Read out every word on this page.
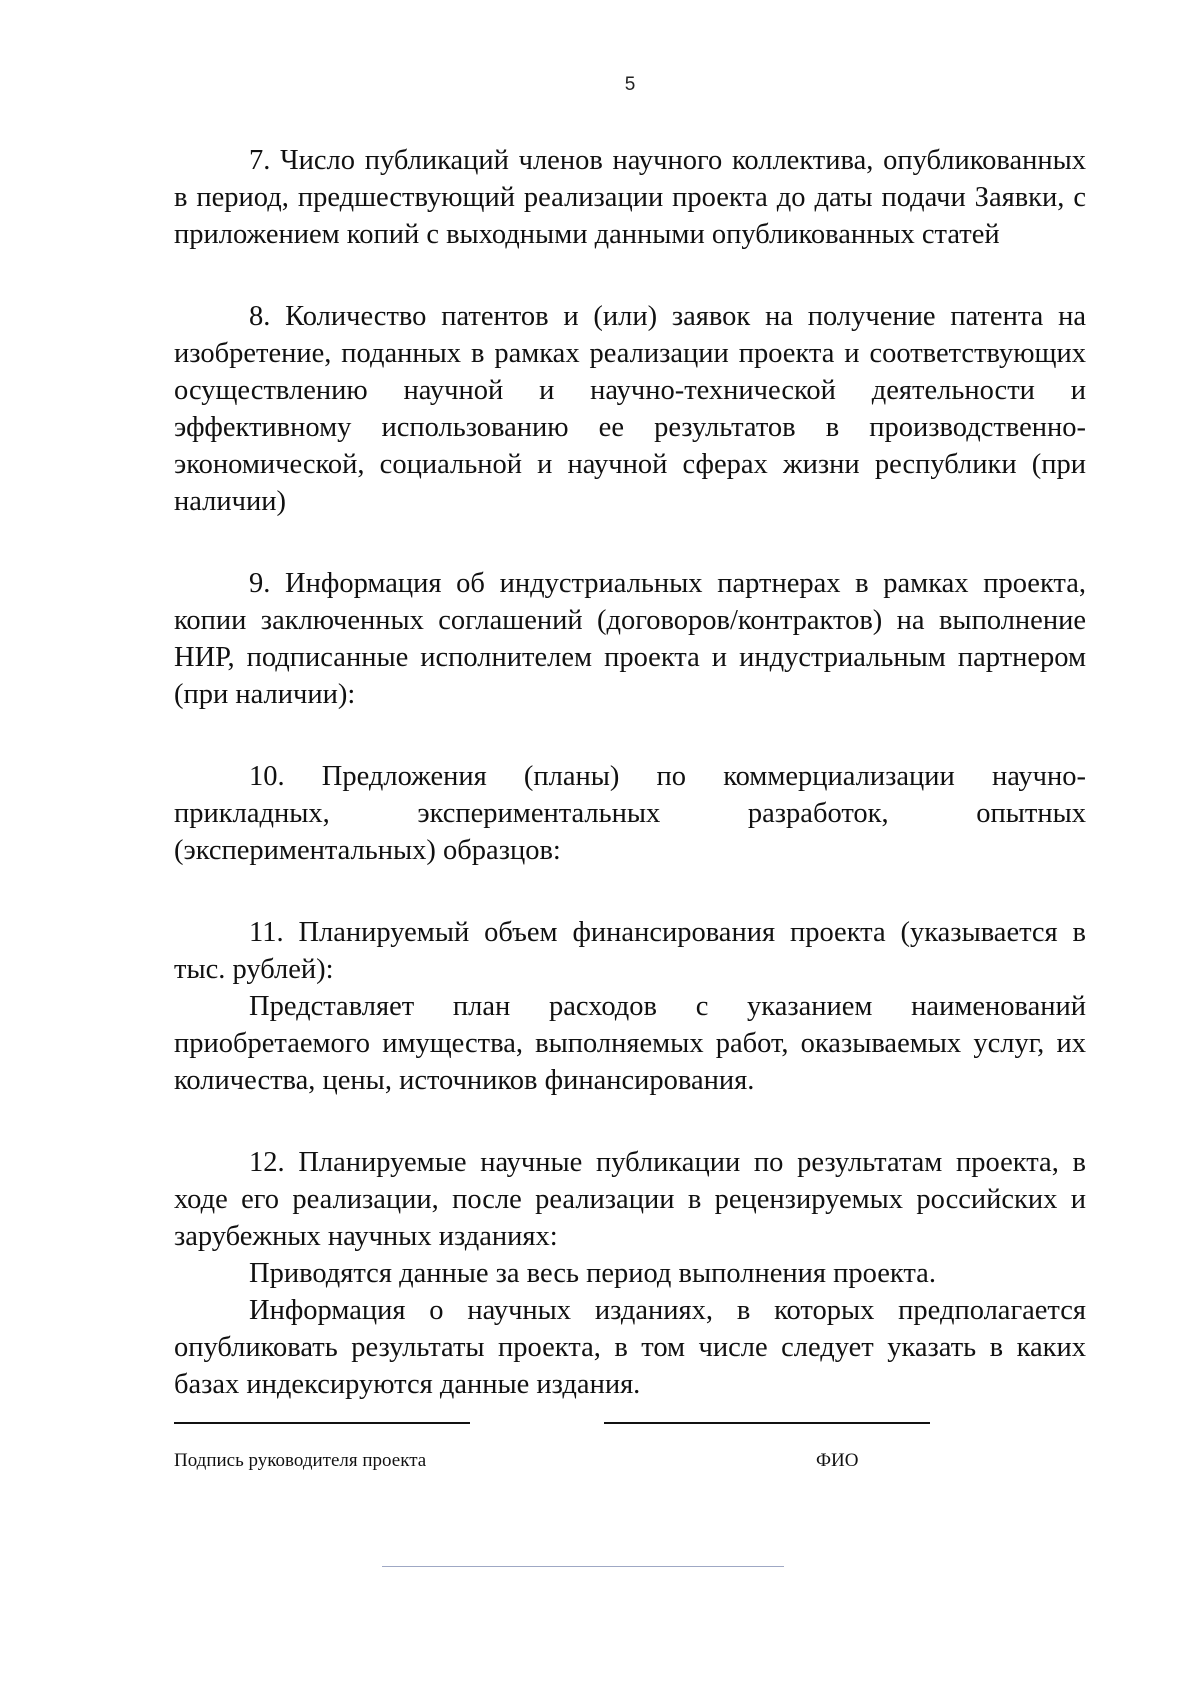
5

7. Число публикаций членов научного коллектива, опубликованных в период, предшествующий реализации проекта до даты подачи Заявки, с приложением копий с выходными данными опубликованных статей

8. Количество патентов и (или) заявок на получение патента на изобретение, поданных в рамках реализации проекта и соответствующих осуществлению научной и научно-технической деятельности и эффективному использованию ее результатов в производственно-экономической, социальной и научной сферах жизни республики (при наличии)

9. Информация об индустриальных партнерах в рамках проекта, копии заключенных соглашений (договоров/контрактов) на выполнение НИР, подписанные исполнителем проекта и индустриальным партнером (при наличии):

10. Предложения (планы) по коммерциализации научно-прикладных, экспериментальных разработок, опытных (экспериментальных) образцов:

11. Планируемый объем финансирования проекта (указывается в тыс. рублей):

Представляет план расходов с указанием наименований приобретаемого имущества, выполняемых работ, оказываемых услуг, их количества, цены, источников финансирования.

12. Планируемые научные публикации по результатам проекта, в ходе его реализации, после реализации в рецензируемых российских и зарубежных научных изданиях:

Приводятся данные за весь период выполнения проекта.

Информация о научных изданиях, в которых предполагается опубликовать результаты проекта, в том числе следует указать в каких базах индексируются данные издания.

Подпись руководителя проекта	ФИО
